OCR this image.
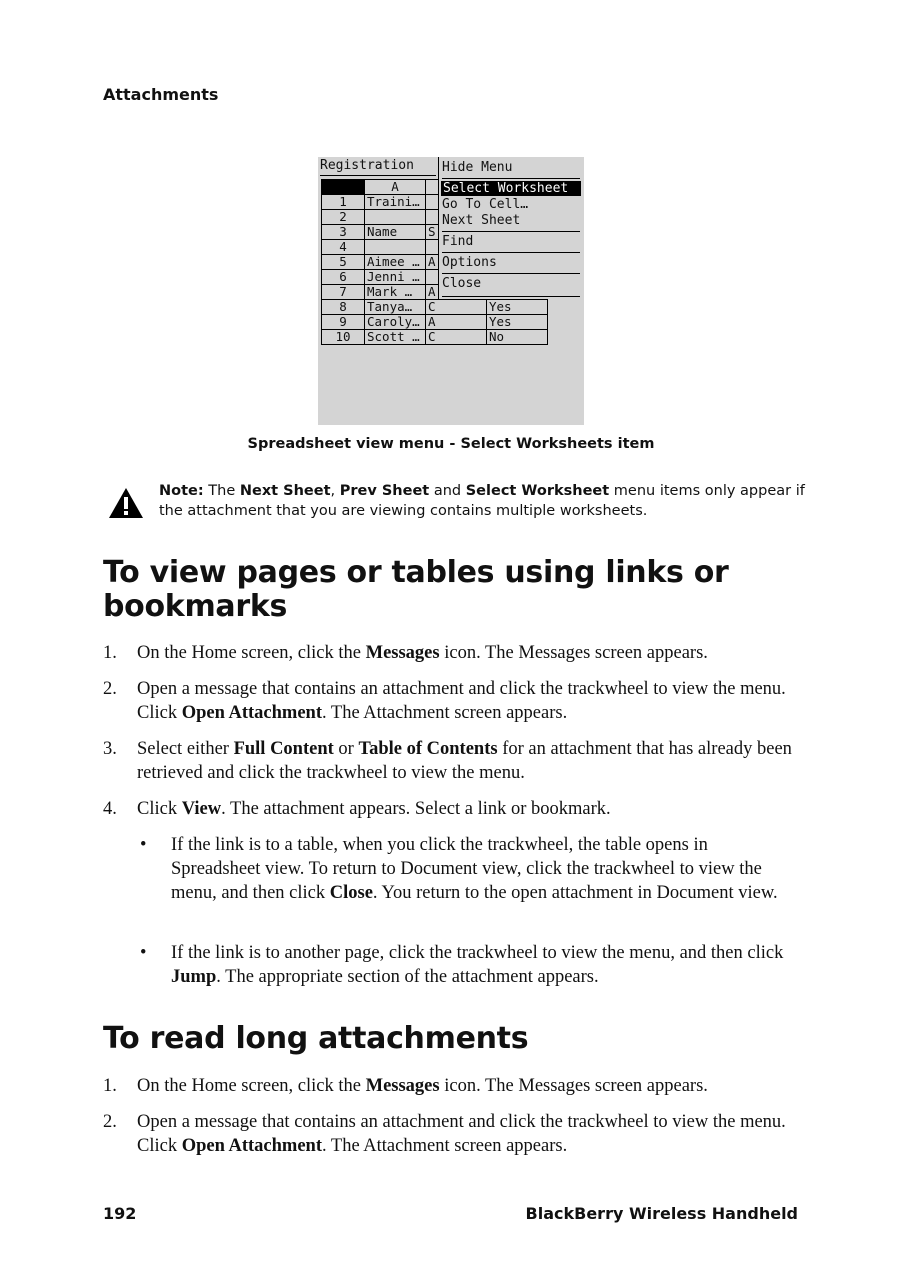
Attachments
Registration
	A		
1	Traini…		
2			
3	Name	S	
4			
5	Aimee …	A	
6	Jenni …		
7	Mark …	A	
8	Tanya…	C	Yes
9	Caroly…	A	Yes
10	Scott …	C	No
Hide Menu
Select Worksheet
Go To Cell…
Next Sheet
Find
Options
Close
Spreadsheet view menu - Select Worksheets item
Note: The Next Sheet, Prev Sheet and Select Worksheet menu items only appear if the attachment that you are viewing contains multiple worksheets.
To view pages or tables using links or bookmarks
1. On the Home screen, click the Messages icon. The Messages screen appears.
2. Open a message that contains an attachment and click the trackwheel to view the menu. Click Open Attachment. The Attachment screen appears.
3. Select either Full Content or Table of Contents for an attachment that has already been retrieved and click the trackwheel to view the menu.
4. Click View. The attachment appears. Select a link or bookmark.
• If the link is to a table, when you click the trackwheel, the table opens in Spreadsheet view. To return to Document view, click the trackwheel to view the menu, and then click Close. You return to the open attachment in Document view.
• If the link is to another page, click the trackwheel to view the menu, and then click Jump. The appropriate section of the attachment appears.
To read long attachments
1. On the Home screen, click the Messages icon. The Messages screen appears.
2. Open a message that contains an attachment and click the trackwheel to view the menu. Click Open Attachment. The Attachment screen appears.
192	BlackBerry Wireless Handheld
